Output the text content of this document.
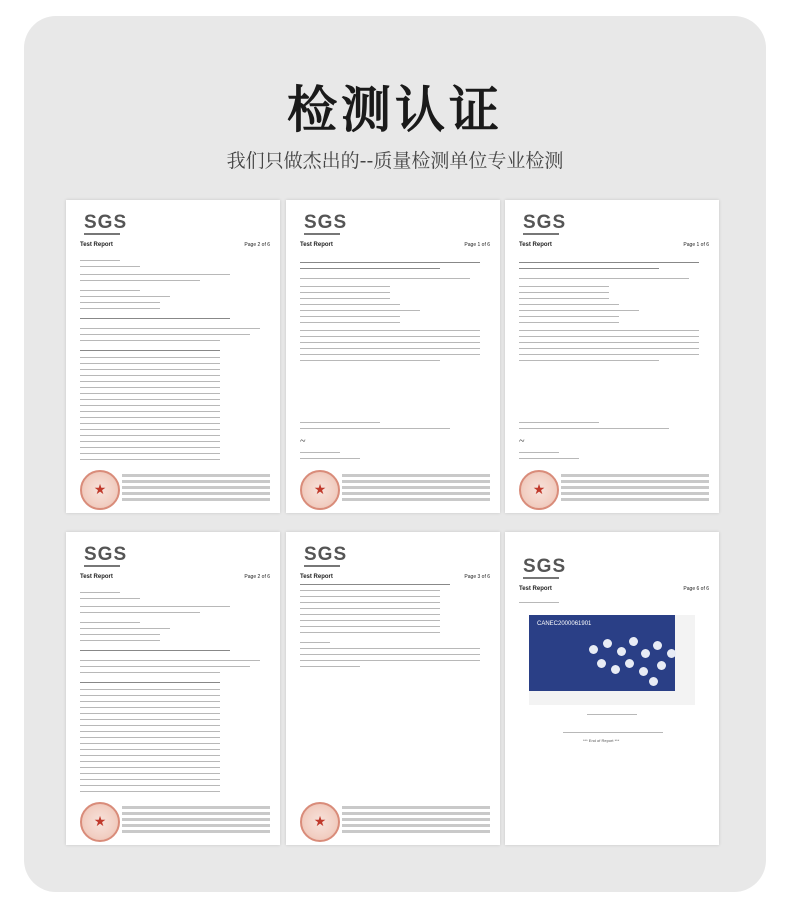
检测认证
我们只做杰出的--质量检测单位专业检测
SGS
Test Report	Page 2 of 6
★
SGS
Test Report	Page 1 of 6
~
★
SGS
Test Report	Page 1 of 6
~
★
SGS
Test Report	Page 2 of 6
★
SGS
Test Report	Page 3 of 6
★ SGS
Test Report	Page 6 of 6
CANEC2000061901
*** End of Report ***
